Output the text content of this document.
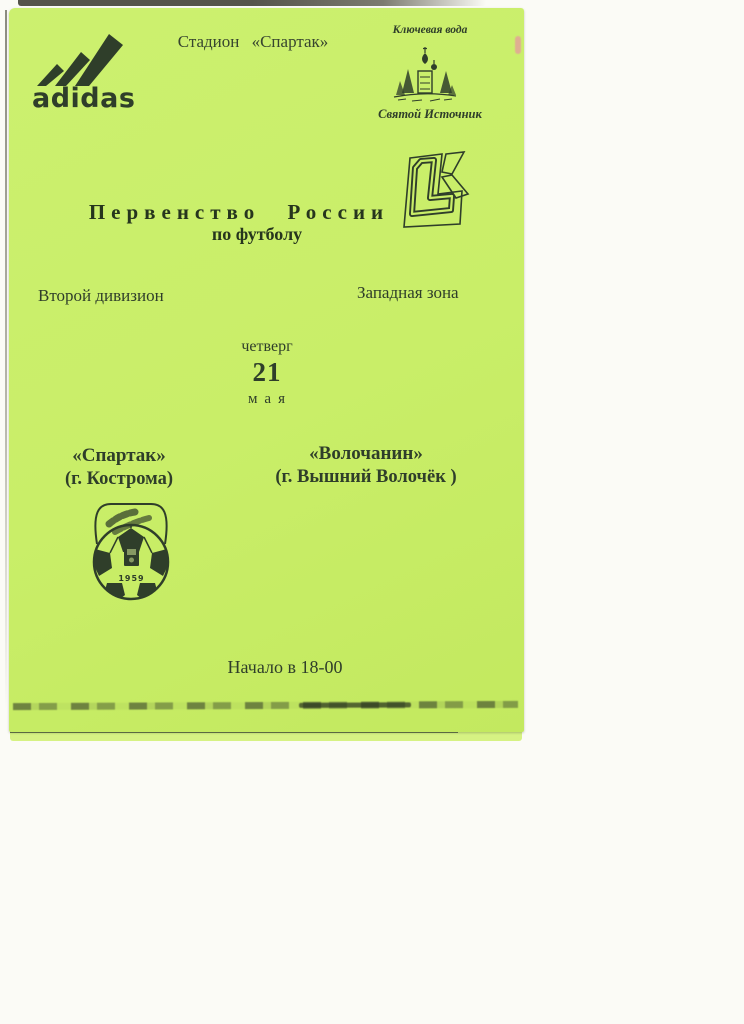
adidas
Стадион «Спартак»
Ключевая вода
Святой Источник
Первенство России
по футболу
Второй дивизион	Западная зона
четверг
21
мая
«Спартак»
(г. Кострома)
«Волочанин»
(г. Вышний Волочёк )
1959
Начало в 18-00
